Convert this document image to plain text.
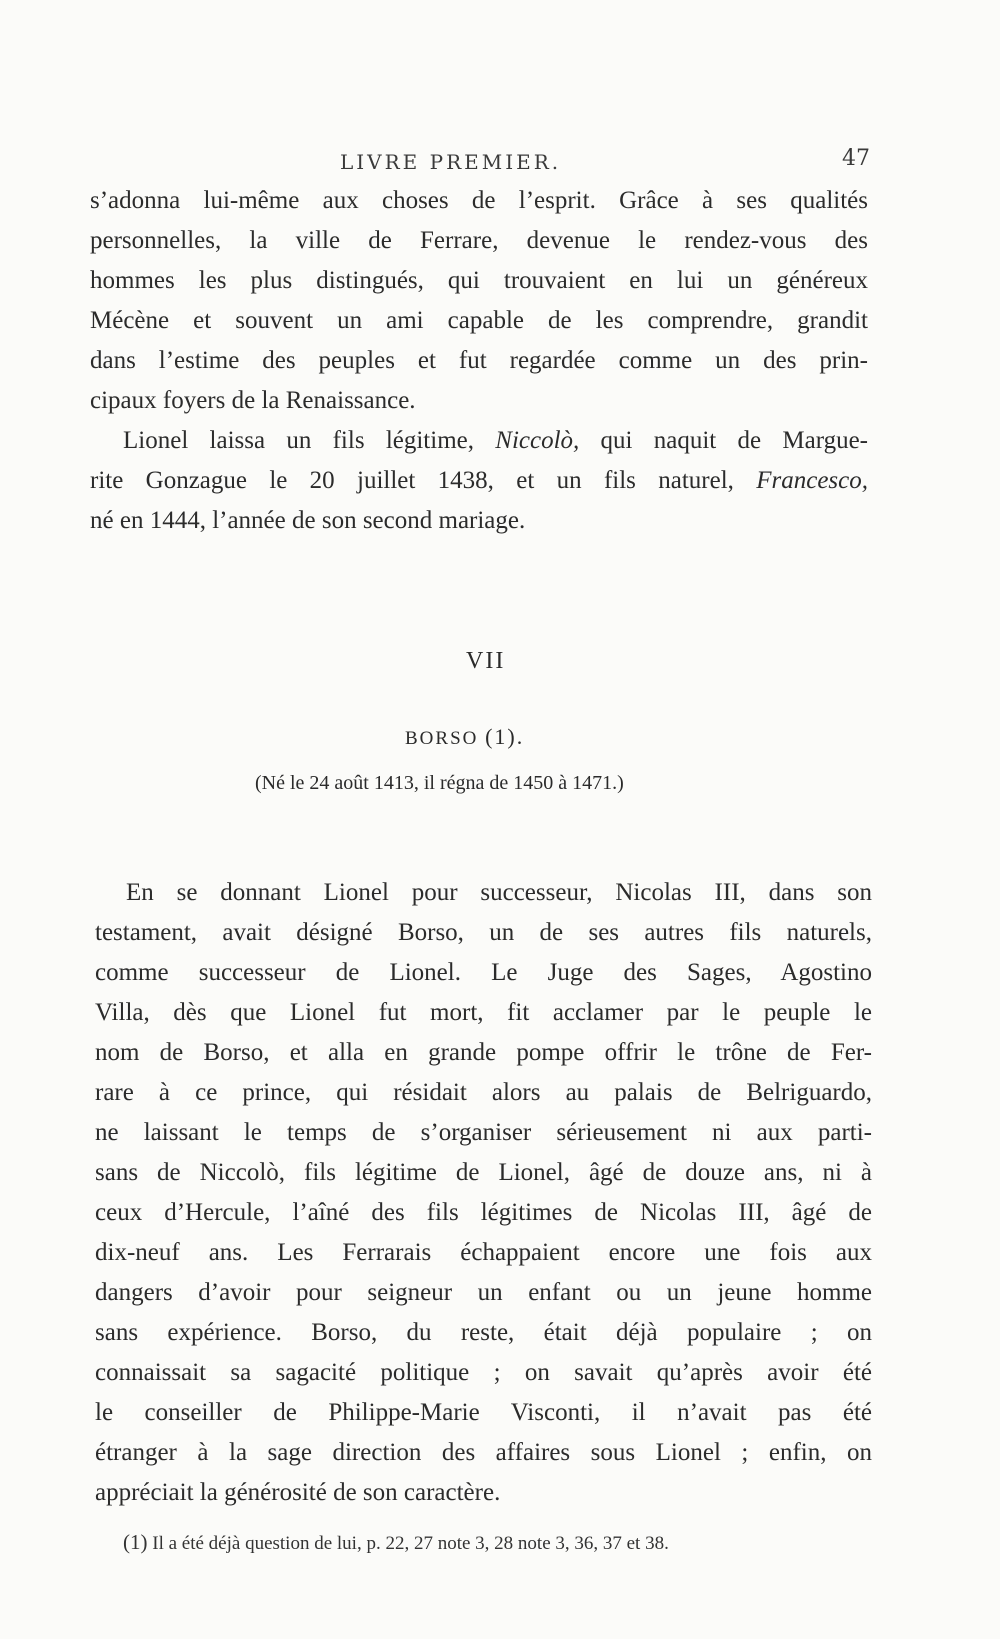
LIVRE PREMIER.	47
s’adonna lui-même aux choses de l’esprit. Grâce à ses qualités
personnelles, la ville de Ferrare, devenue le rendez-vous des
hommes les plus distingués, qui trouvaient en lui un généreux
Mécène et souvent un ami capable de les comprendre, grandit
dans l’estime des peuples et fut regardée comme un des prin-
cipaux foyers de la Renaissance.
Lionel laissa un fils légitime, Niccolò, qui naquit de Margue-
rite Gonzague le 20 juillet 1438, et un fils naturel, Francesco,
né en 1444, l’année de son second mariage.
VII
BORSO (1).
(Né le 24 août 1413, il régna de 1450 à 1471.)
En se donnant Lionel pour successeur, Nicolas III, dans son
testament, avait désigné Borso, un de ses autres fils naturels,
comme successeur de Lionel. Le Juge des Sages, Agostino
Villa, dès que Lionel fut mort, fit acclamer par le peuple le
nom de Borso, et alla en grande pompe offrir le trône de Fer-
rare à ce prince, qui résidait alors au palais de Belriguardo,
ne laissant le temps de s’organiser sérieusement ni aux parti-
sans de Niccolò, fils légitime de Lionel, âgé de douze ans, ni à
ceux d’Hercule, l’aîné des fils légitimes de Nicolas III, âgé de
dix-neuf ans. Les Ferrarais échappaient encore une fois aux
dangers d’avoir pour seigneur un enfant ou un jeune homme
sans expérience. Borso, du reste, était déjà populaire ; on
connaissait sa sagacité politique ; on savait qu’après avoir été
le conseiller de Philippe-Marie Visconti, il n’avait pas été
étranger à la sage direction des affaires sous Lionel ; enfin, on
appréciait la générosité de son caractère.
(1) Il a été déjà question de lui, p. 22, 27 note 3, 28 note 3, 36, 37 et 38.
